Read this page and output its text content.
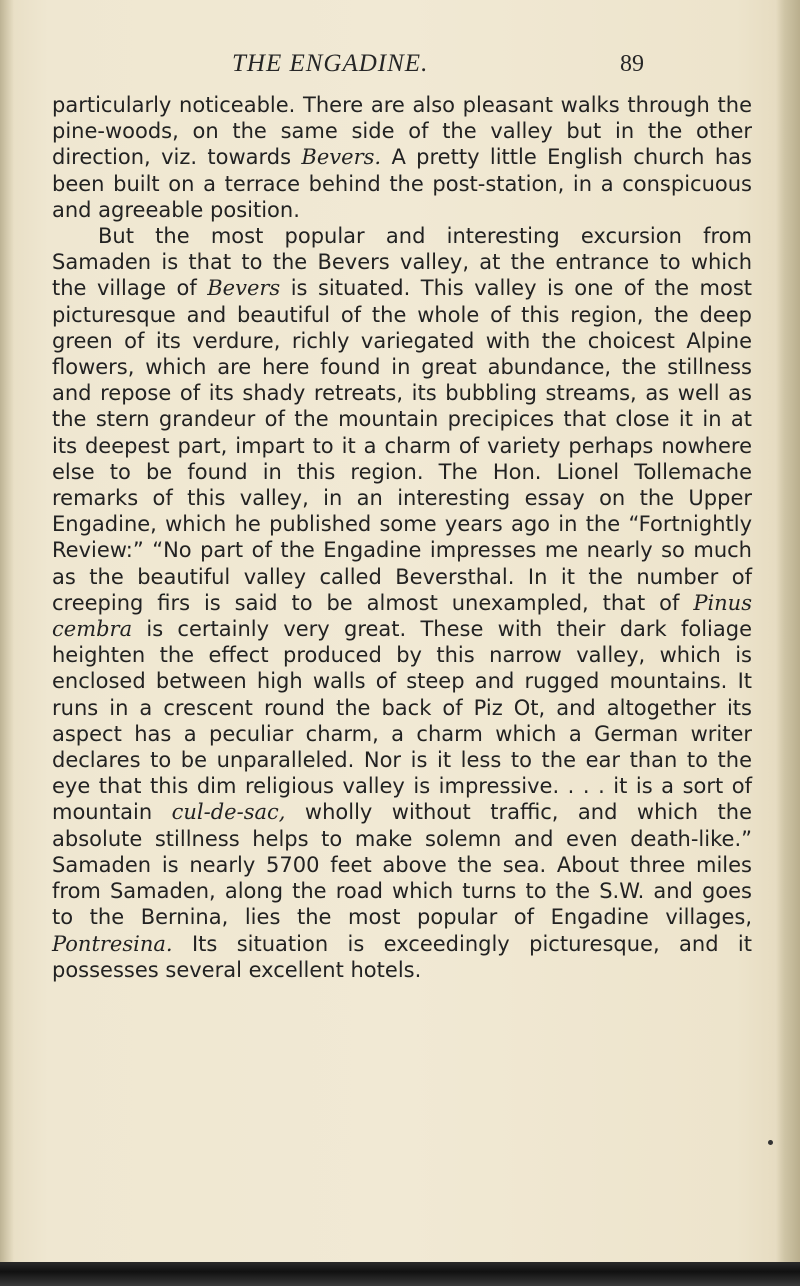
THE ENGADINE.	89

particularly noticeable. There are also pleasant walks through the pine-woods, on the same side of the valley but in the other direction, viz. towards Bevers. A pretty little English church has been built on a terrace behind the post-station, in a conspicuous and agreeable position.

But the most popular and interesting excursion from Samaden is that to the Bevers valley, at the entrance to which the village of Bevers is situated. This valley is one of the most picturesque and beautiful of the whole of this region, the deep green of its verdure, richly variegated with the choicest Alpine flowers, which are here found in great abundance, the stillness and repose of its shady retreats, its bubbling streams, as well as the stern grandeur of the mountain precipices that close it in at its deepest part, impart to it a charm of variety perhaps nowhere else to be found in this region. The Hon. Lionel Tollemache remarks of this valley, in an interesting essay on the Upper Engadine, which he published some years ago in the “Fortnightly Review:” “No part of the Engadine impresses me nearly so much as the beautiful valley called Beversthal. In it the number of creeping firs is said to be almost unexampled, that of Pinus cembra is certainly very great. These with their dark foliage heighten the effect produced by this narrow valley, which is enclosed between high walls of steep and rugged mountains. It runs in a crescent round the back of Piz Ot, and altogether its aspect has a peculiar charm, a charm which a German writer declares to be unparalleled. Nor is it less to the ear than to the eye that this dim religious valley is impressive. . . . it is a sort of mountain cul-de-sac, wholly without traffic, and which the absolute stillness helps to make solemn and even death-like.” Samaden is nearly 5700 feet above the sea. About three miles from Samaden, along the road which turns to the S.W. and goes to the Bernina, lies the most popular of Engadine villages, Pontresina. Its situation is exceedingly picturesque, and it possesses several excellent hotels.
